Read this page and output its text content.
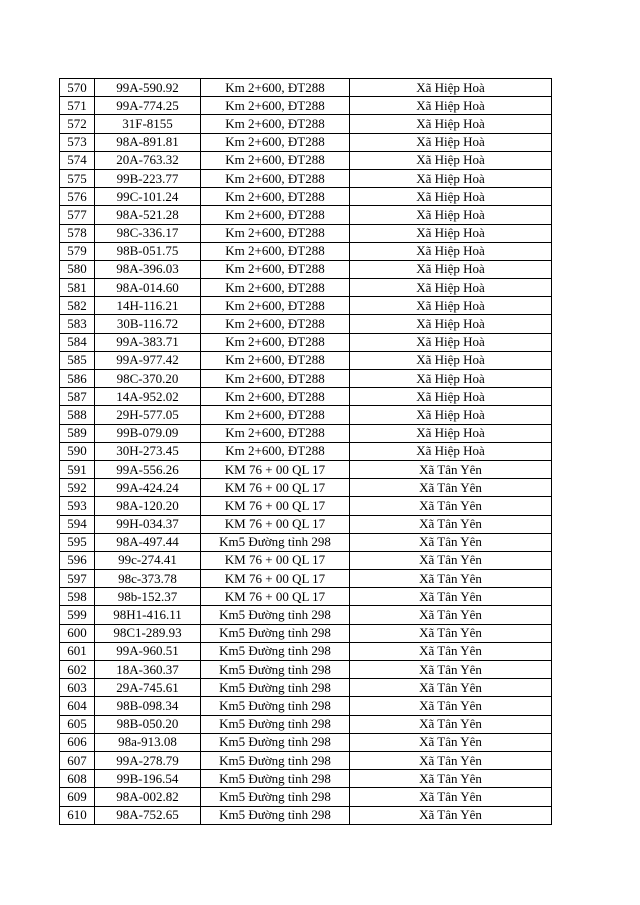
570	99A-590.92	Km 2+600, ĐT288	Xã Hiệp Hoà
571	99A-774.25	Km 2+600, ĐT288	Xã Hiệp Hoà
572	31F-8155	Km 2+600, ĐT288	Xã Hiệp Hoà
573	98A-891.81	Km 2+600, ĐT288	Xã Hiệp Hoà
574	20A-763.32	Km 2+600, ĐT288	Xã Hiệp Hoà
575	99B-223.77	Km 2+600, ĐT288	Xã Hiệp Hoà
576	99C-101.24	Km 2+600, ĐT288	Xã Hiệp Hoà
577	98A-521.28	Km 2+600, ĐT288	Xã Hiệp Hoà
578	98C-336.17	Km 2+600, ĐT288	Xã Hiệp Hoà
579	98B-051.75	Km 2+600, ĐT288	Xã Hiệp Hoà
580	98A-396.03	Km 2+600, ĐT288	Xã Hiệp Hoà
581	98A-014.60	Km 2+600, ĐT288	Xã Hiệp Hoà
582	14H-116.21	Km 2+600, ĐT288	Xã Hiệp Hoà
583	30B-116.72	Km 2+600, ĐT288	Xã Hiệp Hoà
584	99A-383.71	Km 2+600, ĐT288	Xã Hiệp Hoà
585	99A-977.42	Km 2+600, ĐT288	Xã Hiệp Hoà
586	98C-370.20	Km 2+600, ĐT288	Xã Hiệp Hoà
587	14A-952.02	Km 2+600, ĐT288	Xã Hiệp Hoà
588	29H-577.05	Km 2+600, ĐT288	Xã Hiệp Hoà
589	99B-079.09	Km 2+600, ĐT288	Xã Hiệp Hoà
590	30H-273.45	Km 2+600, ĐT288	Xã Hiệp Hoà
591	99A-556.26	KM 76 + 00 QL 17	Xã Tân Yên
592	99A-424.24	KM 76 + 00 QL 17	Xã Tân Yên
593	98A-120.20	KM 76 + 00 QL 17	Xã Tân Yên
594	99H-034.37	KM 76 + 00 QL 17	Xã Tân Yên
595	98A-497.44	Km5 Đường tỉnh 298	Xã Tân Yên
596	99c-274.41	KM 76 + 00 QL 17	Xã Tân Yên
597	98c-373.78	KM 76 + 00 QL 17	Xã Tân Yên
598	98b-152.37	KM 76 + 00 QL 17	Xã Tân Yên
599	98H1-416.11	Km5 Đường tỉnh 298	Xã Tân Yên
600	98C1-289.93	Km5 Đường tỉnh 298	Xã Tân Yên
601	99A-960.51	Km5 Đường tỉnh 298	Xã Tân Yên
602	18A-360.37	Km5 Đường tỉnh 298	Xã Tân Yên
603	29A-745.61	Km5 Đường tỉnh 298	Xã Tân Yên
604	98B-098.34	Km5 Đường tỉnh 298	Xã Tân Yên
605	98B-050.20	Km5 Đường tỉnh 298	Xã Tân Yên
606	98a-913.08	Km5 Đường tỉnh 298	Xã Tân Yên
607	99A-278.79	Km5 Đường tỉnh 298	Xã Tân Yên
608	99B-196.54	Km5 Đường tỉnh 298	Xã Tân Yên
609	98A-002.82	Km5 Đường tỉnh 298	Xã Tân Yên
610	98A-752.65	Km5 Đường tỉnh 298	Xã Tân Yên
